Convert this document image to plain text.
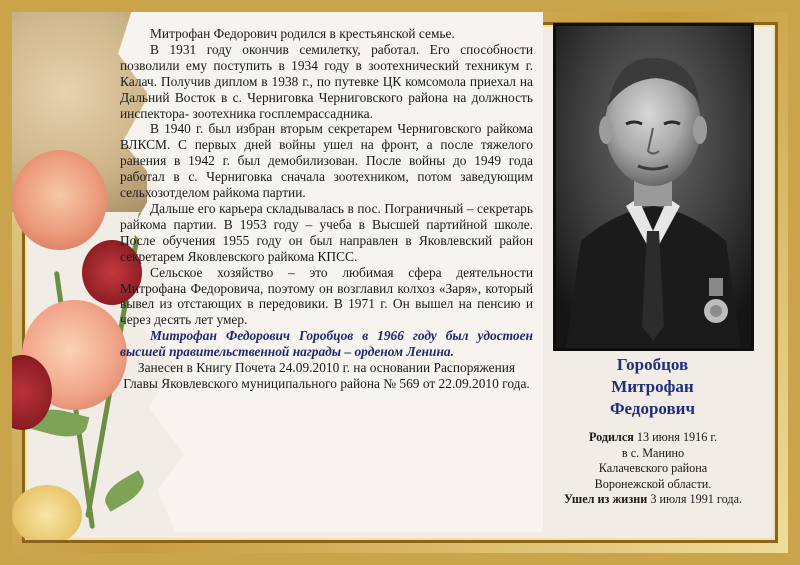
Митрофан Федорович родился в крестьянской семье.

В 1931 году окончив семилетку, работал. Его способности позволили ему поступить в 1934 году в зоотехнический техникум г. Калач. Получив диплом в 1938 г., по путевке ЦК комсомола приехал на Дальний Восток в с. Черниговка Черниговского района на должность инспектора- зоотехника госплемрассадника.

В 1940 г. был избран вторым секретарем Черниговского райкома ВЛКСМ. С первых дней войны ушел на фронт, а после тяжелого ранения в 1942 г. был демобилизован. После войны до 1949 года работал в с. Черниговка сначала зоотехником, потом заведующим сельхозотделом райкома партии.

Дальше его карьера складывалась в пос. Пограничный – секретарь райкома партии. В 1953 году – учеба в Высшей партийной школе. После обучения 1955 году он был направлен в Яковлевский район секретарем Яковлевского райкома КПСС.

Сельское хозяйство – это любимая сфера деятельности Митрофана Федоровича, поэтому он возглавил колхоз «Заря», который вывел из отстающих в передовики. В 1971 г. Он вышел на пенсию и через десять лет умер.

Митрофан Федорович Горобцов в 1966 году был удостоен высшей правительственной награды – орденом Ленина.

Занесен в Книгу Почета 24.09.2010 г. на основании Распоряжения Главы Яковлевского муниципального района № 569 от 22.09.2010 года.

Горобцов
Митрофан
Федорович
Родился 13 июня 1916 г.
в с. Манино
Калачевского района
Воронежской области.
Ушел из жизни 3 июля 1991 года.
